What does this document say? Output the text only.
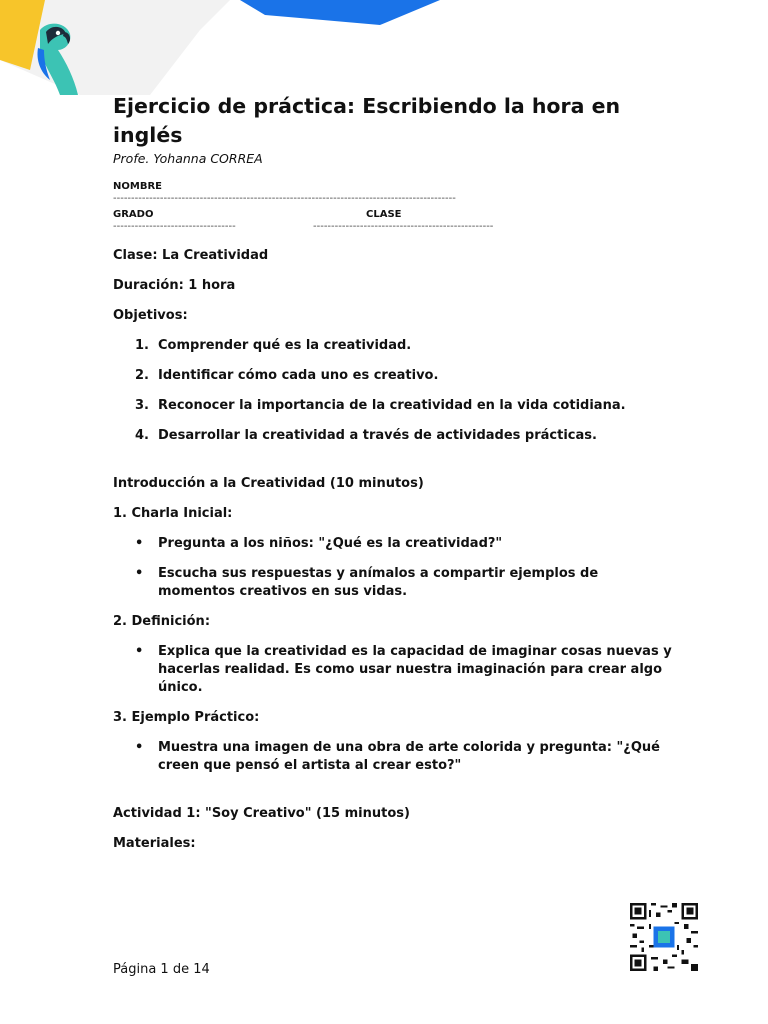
Ejercicio de práctica: Escribiendo la hora en inglés
Profe. Yohanna CORREA
NOMBRE
-----------------------------------------------------------------------------------------------
GRADO	CLASE
----------------------------------	--------------------------------------------------

Clase: La Creatividad

Duración: 1 hora

Objetivos:

1. Comprender qué es la creatividad.
2. Identificar cómo cada uno es creativo.
3. Reconocer la importancia de la creatividad en la vida cotidiana.
4. Desarrollar la creatividad a través de actividades prácticas.

Introducción a la Creatividad (10 minutos)

1. Charla Inicial:

• Pregunta a los niños: "¿Qué es la creatividad?"
• Escucha sus respuestas y anímalos a compartir ejemplos de momentos creativos en sus vidas.

2. Definición:

• Explica que la creatividad es la capacidad de imaginar cosas nuevas y hacerlas realidad. Es como usar nuestra imaginación para crear algo único.

3. Ejemplo Práctico:

• Muestra una imagen de una obra de arte colorida y pregunta: "¿Qué creen que pensó el artista al crear esto?"

Actividad 1: "Soy Creativo" (15 minutos)

Materiales:

Página 1 de 14
